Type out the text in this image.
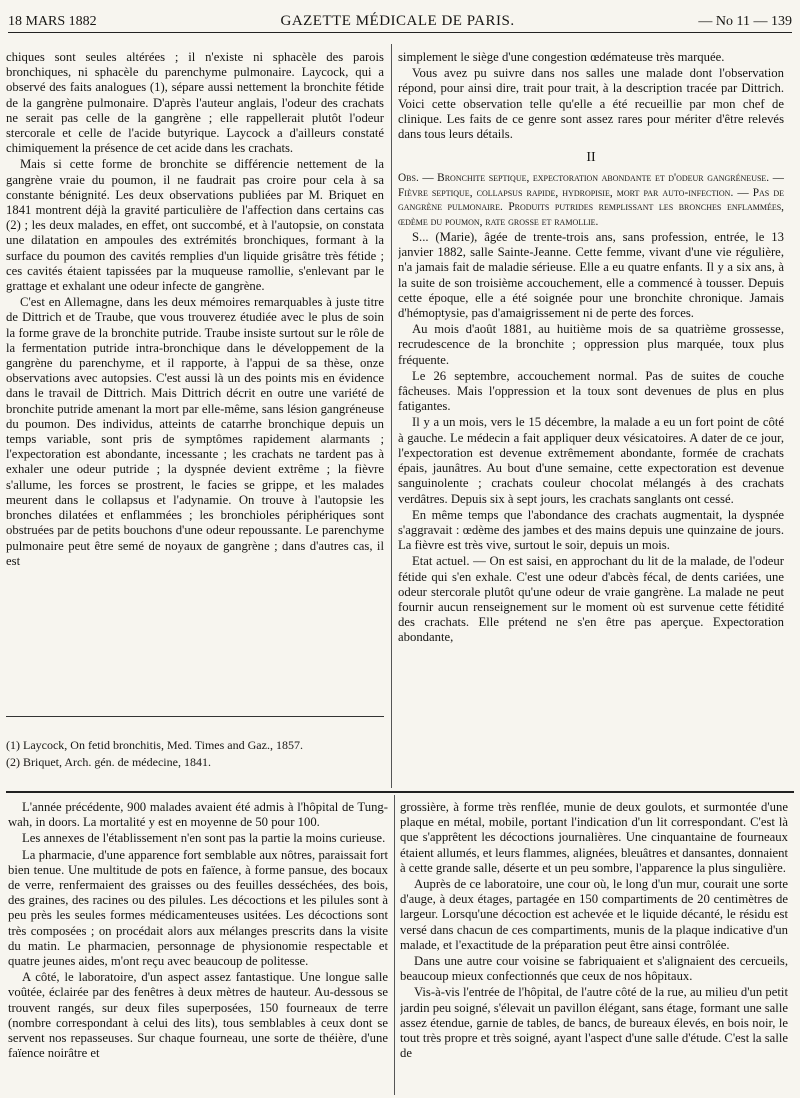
18 MARS 1882	GAZETTE MÉDICALE DE PARIS.	— No 11 — 139

chiques sont seules altérées ; il n'existe ni sphacèle des parois bronchiques, ni sphacèle du parenchyme pulmonaire. Laycock, qui a observé des faits analogues (1), sépare aussi nettement la bronchite fétide de la gangrène pulmonaire. D'après l'auteur anglais, l'odeur des crachats ne serait pas celle de la gangrène ; elle rappellerait plutôt l'odeur stercorale et celle de l'acide butyrique. Laycock a d'ailleurs constaté chimiquement la présence de cet acide dans les crachats.

Mais si cette forme de bronchite se différencie nettement de la gangrène vraie du poumon, il ne faudrait pas croire pour cela à sa constante bénignité. Les deux observations publiées par M. Briquet en 1841 montrent déjà la gravité particulière de l'affection dans certains cas (2) ; les deux malades, en effet, ont succombé, et à l'autopsie, on constata une dilatation en ampoules des extrémités bronchiques, formant à la surface du poumon des cavités remplies d'un liquide grisâtre très fétide ; ces cavités étaient tapissées par la muqueuse ramollie, s'enlevant par le grattage et exhalant une odeur infecte de gangrène.

C'est en Allemagne, dans les deux mémoires remarquables à juste titre de Dittrich et de Traube, que vous trouverez étudiée avec le plus de soin la forme grave de la bronchite putride. Traube insiste surtout sur le rôle de la fermentation putride intra-bronchique dans le développement de la gangrène du parenchyme, et il rapporte, à l'appui de sa thèse, onze observations avec autopsies. C'est aussi là un des points mis en évidence dans le travail de Dittrich. Mais Dittrich décrit en outre une variété de bronchite putride amenant la mort par elle-même, sans lésion gangréneuse du poumon. Des individus, atteints de catarrhe bronchique depuis un temps variable, sont pris de symptômes rapidement alarmants ; l'expectoration est abondante, incessante ; les crachats ne tardent pas à exhaler une odeur putride ; la dyspnée devient extrême ; la fièvre s'allume, les forces se prostrent, le facies se grippe, et les malades meurent dans le collapsus et l'adynamie. On trouve à l'autopsie les bronches dilatées et enflammées ; les bronchioles périphériques sont obstruées par de petits bouchons d'une odeur repoussante. Le parenchyme pulmonaire peut être semé de noyaux de gangrène ; dans d'autres cas, il est

(1) Laycock, On fetid bronchitis, Med. Times and Gaz., 1857.
(2) Briquet, Arch. gén. de médecine, 1841.

simplement le siège d'une congestion œdémateuse très marquée.

Vous avez pu suivre dans nos salles une malade dont l'observation répond, pour ainsi dire, trait pour trait, à la description tracée par Dittrich. Voici cette observation telle qu'elle a été recueillie par mon chef de clinique. Les faits de ce genre sont assez rares pour mériter d'être relevés dans tous leurs détails.

II

Obs. — Bronchite septique, expectoration abondante et d'odeur gangréneuse. — Fièvre septique, collapsus rapide, hydropisie, mort par auto-infection. — Pas de gangrène pulmonaire. Produits putrides remplissant les bronches enflammées, œdème du poumon, rate grosse et ramollie.

S... (Marie), âgée de trente-trois ans, sans profession, entrée, le 13 janvier 1882, salle Sainte-Jeanne. Cette femme, vivant d'une vie régulière, n'a jamais fait de maladie sérieuse. Elle a eu quatre enfants. Il y a six ans, à la suite de son troisième accouchement, elle a commencé à tousser. Depuis cette époque, elle a été soignée pour une bronchite chronique. Jamais d'hémoptysie, pas d'amaigrissement ni de perte des forces.

Au mois d'août 1881, au huitième mois de sa quatrième grossesse, recrudescence de la bronchite ; oppression plus marquée, toux plus fréquente.

Le 26 septembre, accouchement normal. Pas de suites de couche fâcheuses. Mais l'oppression et la toux sont devenues de plus en plus fatigantes.

Il y a un mois, vers le 15 décembre, la malade a eu un fort point de côté à gauche. Le médecin a fait appliquer deux vésicatoires. A dater de ce jour, l'expectoration est devenue extrêmement abondante, formée de crachats épais, jaunâtres. Au bout d'une semaine, cette expectoration est devenue sanguinolente ; crachats couleur chocolat mélangés à des crachats verdâtres. Depuis six à sept jours, les crachats sanglants ont cessé.

En même temps que l'abondance des crachats augmentait, la dyspnée s'aggravait : œdème des jambes et des mains depuis une quinzaine de jours. La fièvre est très vive, surtout le soir, depuis un mois.

Etat actuel. — On est saisi, en approchant du lit de la malade, de l'odeur fétide qui s'en exhale. C'est une odeur d'abcès fécal, de dents cariées, une odeur stercorale plutôt qu'une odeur de vraie gangrène. La malade ne peut fournir aucun renseignement sur le moment où est survenue cette fétidité des crachats. Elle prétend ne s'en être pas aperçue. Expectoration abondante,

L'année précédente, 900 malades avaient été admis à l'hôpital de Tung-wah, in doors. La mortalité y est en moyenne de 50 pour 100.

Les annexes de l'établissement n'en sont pas la partie la moins curieuse.

La pharmacie, d'une apparence fort semblable aux nôtres, paraissait fort bien tenue. Une multitude de pots en faïence, à forme pansue, des bocaux de verre, renfermaient des graisses ou des feuilles desséchées, des bois, des graines, des racines ou des pilules. Les décoctions et les pilules sont à peu près les seules formes médicamenteuses usitées. Les décoctions sont très composées ; on procédait alors aux mélanges prescrits dans la visite du matin. Le pharmacien, personnage de physionomie respectable et quatre jeunes aides, m'ont reçu avec beaucoup de politesse.

A côté, le laboratoire, d'un aspect assez fantastique. Une longue salle voûtée, éclairée par des fenêtres à deux mètres de hauteur. Au-dessous se trouvent rangés, sur deux files superposées, 150 fourneaux de terre (nombre correspondant à celui des lits), tous semblables à ceux dont se servent nos repasseuses. Sur chaque fourneau, une sorte de théière, d'une faïence noirâtre et

grossière, à forme très renflée, munie de deux goulots, et surmontée d'une plaque en métal, mobile, portant l'indication d'un lit correspondant. C'est là que s'apprêtent les décoctions journalières. Une cinquantaine de fourneaux étaient allumés, et leurs flammes, alignées, bleuâtres et dansantes, donnaient à cette grande salle, déserte et un peu sombre, l'apparence la plus singulière.

Auprès de ce laboratoire, une cour où, le long d'un mur, courait une sorte d'auge, à deux étages, partagée en 150 compartiments de 20 centimètres de largeur. Lorsqu'une décoction est achevée et le liquide décanté, le résidu est versé dans chacun de ces compartiments, munis de la plaque indicative d'un malade, et l'exactitude de la préparation peut être ainsi contrôlée.

Dans une autre cour voisine se fabriquaient et s'alignaient des cercueils, beaucoup mieux confectionnés que ceux de nos hôpitaux.

Vis-à-vis l'entrée de l'hôpital, de l'autre côté de la rue, au milieu d'un petit jardin peu soigné, s'élevait un pavillon élégant, sans étage, formant une salle assez étendue, garnie de tables, de bancs, de bureaux élevés, en bois noir, le tout très propre et très soigné, ayant l'aspect d'une salle d'étude. C'est la salle de
